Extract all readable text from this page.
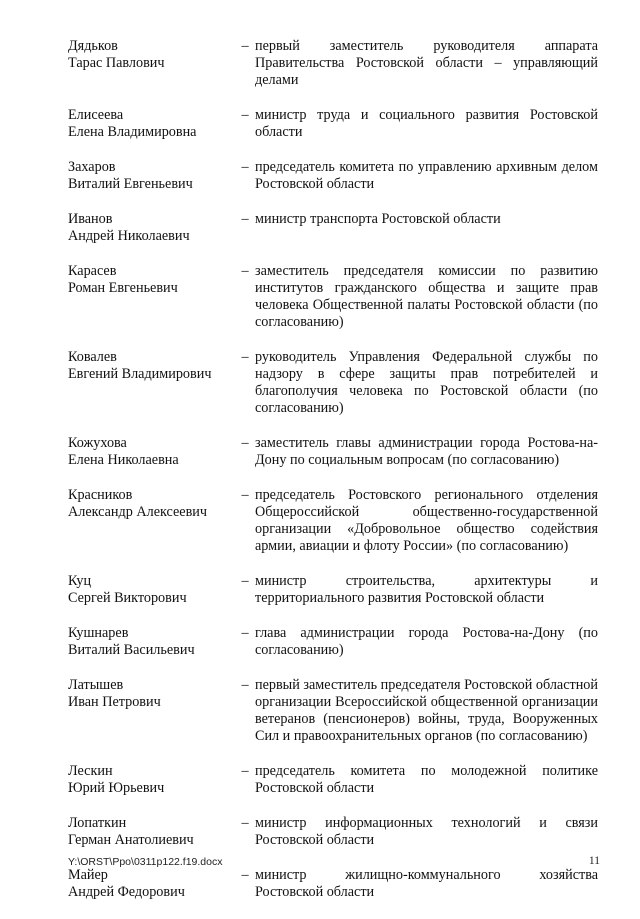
Дядьков
Тарас Павлович
– первый заместитель руководителя аппарата Правительства Ростовской области – управляющий делами
Елисеева
Елена Владимировна
– министр труда и социального развития Ростовской области
Захаров
Виталий Евгеньевич
– председатель комитета по управлению архивным делом Ростовской области
Иванов
Андрей Николаевич
– министр транспорта Ростовской области
Карасев
Роман Евгеньевич
– заместитель председателя комиссии по развитию институтов гражданского общества и защите прав человека Общественной палаты Ростовской области (по согласованию)
Ковалев
Евгений Владимирович
– руководитель Управления Федеральной службы по надзору в сфере защиты прав потребителей и благополучия человека по Ростовской области (по согласованию)
Кожухова
Елена Николаевна
– заместитель главы администрации города Ростова-на-Дону по социальным вопросам (по согласованию)
Красников
Александр Алексеевич
– председатель Ростовского регионального отделения Общероссийской общественно-государственной организации «Добровольное общество содействия армии, авиации и флоту России» (по согласованию)
Куц
Сергей Викторович
– министр строительства, архитектуры и территориального развития Ростовской области
Кушнарев
Виталий Васильевич
– глава администрации города Ростова-на-Дону (по согласованию)
Латышев
Иван Петрович
– первый заместитель председателя Ростовской областной организации Всероссийской общественной организации ветеранов (пенсионеров) войны, труда, Вооруженных Сил и правоохранительных органов (по согласованию)
Лескин
Юрий Юрьевич
– председатель комитета по молодежной политике Ростовской области
Лопаткин
Герман Анатолиевич
– министр информационных технологий и связи Ростовской области
Майер
Андрей Федорович
– министр жилищно-коммунального хозяйства Ростовской области
Y:\ORST\Ppo\0311p122.f19.docx	11
